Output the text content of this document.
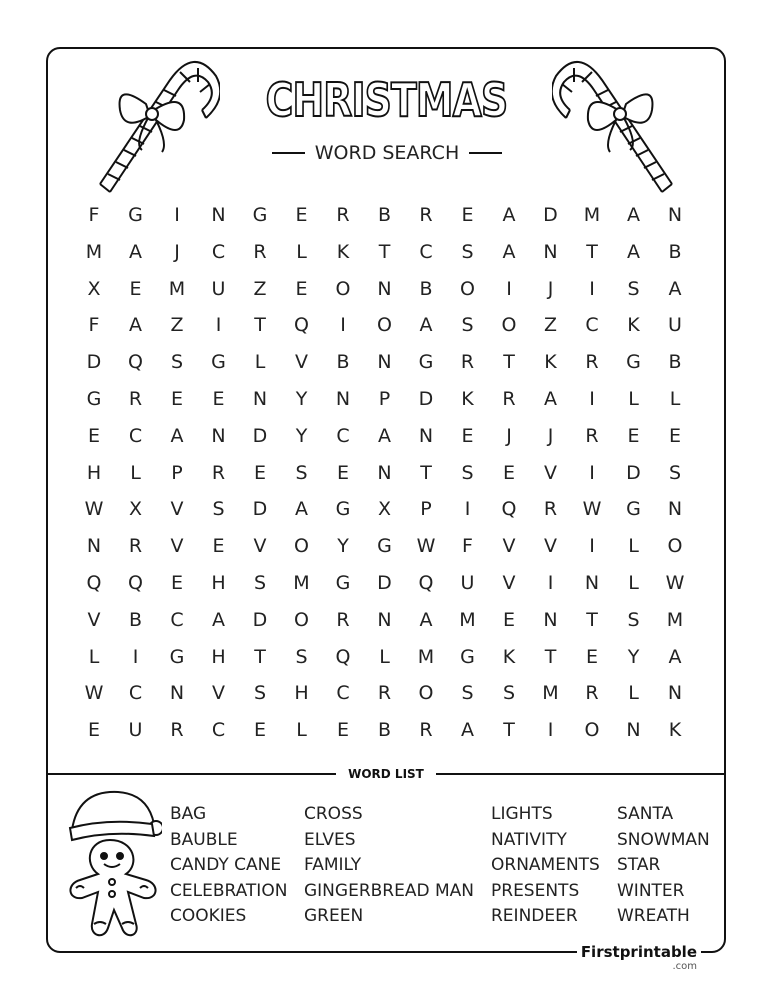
CHRISTMAS
WORD SEARCH
F	G	I	N	G	E	R	B	R	E	A	D	M	A	N
M	A	J	C	R	L	K	T	C	S	A	N	T	A	B
X	E	M	U	Z	E	O	N	B	O	I	J	I	S	A
F	A	Z	I	T	Q	I	O	A	S	O	Z	C	K	U
D	Q	S	G	L	V	B	N	G	R	T	K	R	G	B
G	R	E	E	N	Y	N	P	D	K	R	A	I	L	L
E	C	A	N	D	Y	C	A	N	E	J	J	R	E	E
H	L	P	R	E	S	E	N	T	S	E	V	I	D	S
W	X	V	S	D	A	G	X	P	I	Q	R	W	G	N
N	R	V	E	V	O	Y	G	W	F	V	V	I	L	O
Q	Q	E	H	S	M	G	D	Q	U	V	I	N	L	W
V	B	C	A	D	O	R	N	A	M	E	N	T	S	M
L	I	G	H	T	S	Q	L	M	G	K	T	E	Y	A
W	C	N	V	S	H	C	R	O	S	S	M	R	L	N
E	U	R	C	E	L	E	B	R	A	T	I	O	N	K
WORD LIST
BAG
BAUBLE
CANDY CANE
CELEBRATION
COOKIES
CROSS
ELVES
FAMILY
GINGERBREAD MAN
GREEN
LIGHTS
NATIVITY
ORNAMENTS
PRESENTS
REINDEER
SANTA
SNOWMAN
STAR
WINTER
WREATH
Firstprintable
.com
